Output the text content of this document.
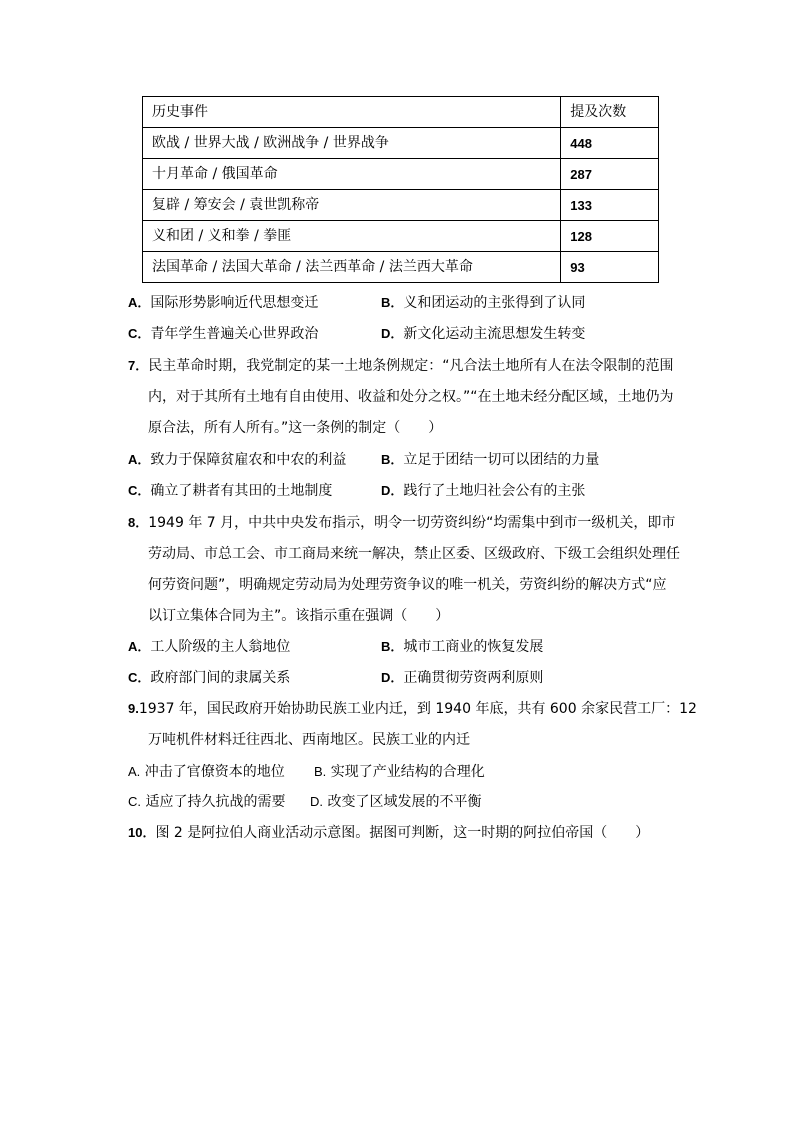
历史事件	提及次数
欧战 / 世界大战 / 欧洲战争 / 世界战争	448
十月革命 / 俄国革命	287
复辟 / 筹安会 / 袁世凯称帝	133
义和团 / 义和拳 / 拳匪	128
法国革命 / 法国大革命 / 法兰西革命 / 法兰西大革命	93
A．国际形势影响近代思想变迁	B．义和团运动的主张得到了认同
C．青年学生普遍关心世界政治	D．新文化运动主流思想发生转变
7．民主革命时期，我党制定的某一土地条例规定：“凡合法土地所有人在法令限制的范围
内，对于其所有土地有自由使用、收益和处分之权。”“在土地未经分配区域，土地仍为
原合法，所有人所有。”这一条例的制定（　　）
A．致力于保障贫雇农和中农的利益	B．立足于团结一切可以团结的力量
C．确立了耕者有其田的土地制度	D．践行了土地归社会公有的主张
8．1949 年 7 月，中共中央发布指示，明令一切劳资纠纷“均需集中到市一级机关，即市
劳动局、市总工会、市工商局来统一解决，禁止区委、区级政府、下级工会组织处理任
何劳资问题”，明确规定劳动局为处理劳资争议的唯一机关，劳资纠纷的解决方式“应
以订立集体合同为主”。该指示重在强调（　　）
A．工人阶级的主人翁地位	B．城市工商业的恢复发展
C．政府部门间的隶属关系	D．正确贯彻劳资两利原则
9.1937 年，国民政府开始协助民族工业内迁，到 1940 年底，共有 600 余家民营工厂：12
万吨机件材料迁往西北、西南地区。民族工业的内迁
A. 冲击了官僚资本的地位 B. 实现了产业结构的合理化
C. 适应了持久抗战的需要 D. 改变了区域发展的不平衡
10．图 2 是阿拉伯人商业活动示意图。据图可判断，这一时期的阿拉伯帝国（　　）
